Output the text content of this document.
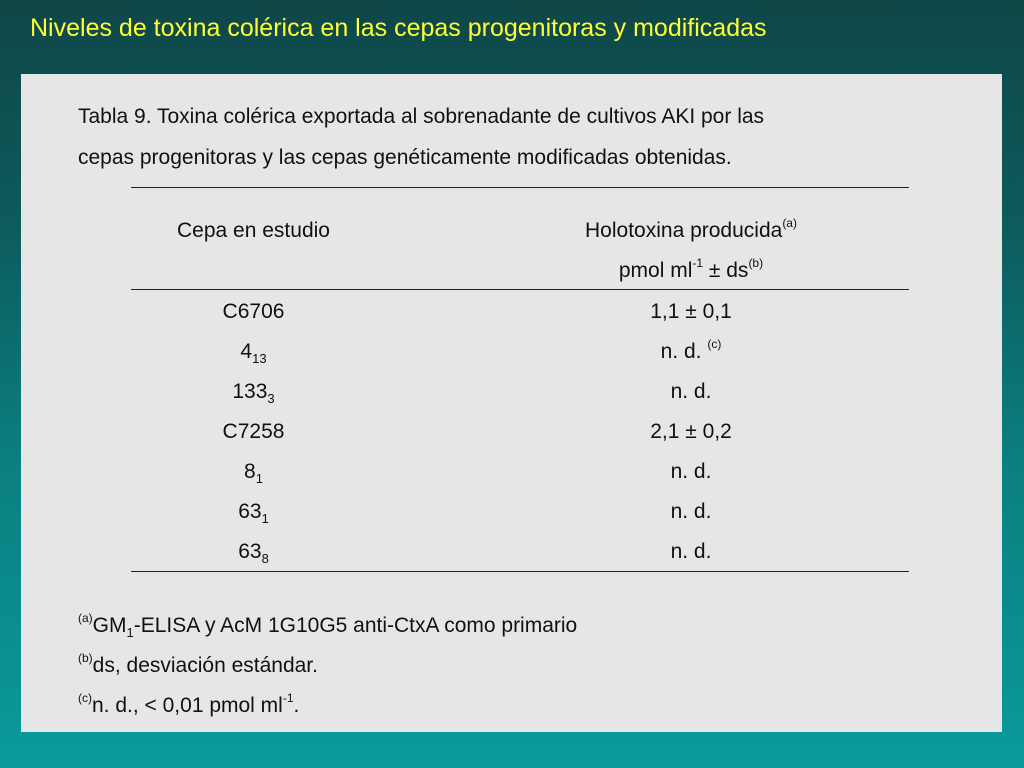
Niveles de toxina colérica en las cepas progenitoras y modificadas
Tabla 9. Toxina colérica exportada al sobrenadante de cultivos AKI por las
cepas progenitoras y las cepas genéticamente modificadas obtenidas.
Cepa en estudio	Holotoxina producida$^{(a)}$
pmol $ml^{-1} \pm ds^{(b)}$
C6706	1,1 ± 0,1
$4_{13}$	n. d. $^{(c)}$
$133_3$	n. d.
C7258	2,1 ± 0,2
$8_1$	n. d.
$63_1$	n. d.
$63_8$	n. d.
$^{(a)}GM_1$-ELISA y AcM 1G10G5 anti-CtxA como primario
$^{(b)}$ds, desviación estándar.
$^{(c)}$n. d., < 0,01 pmol $ml^{-1}$.
